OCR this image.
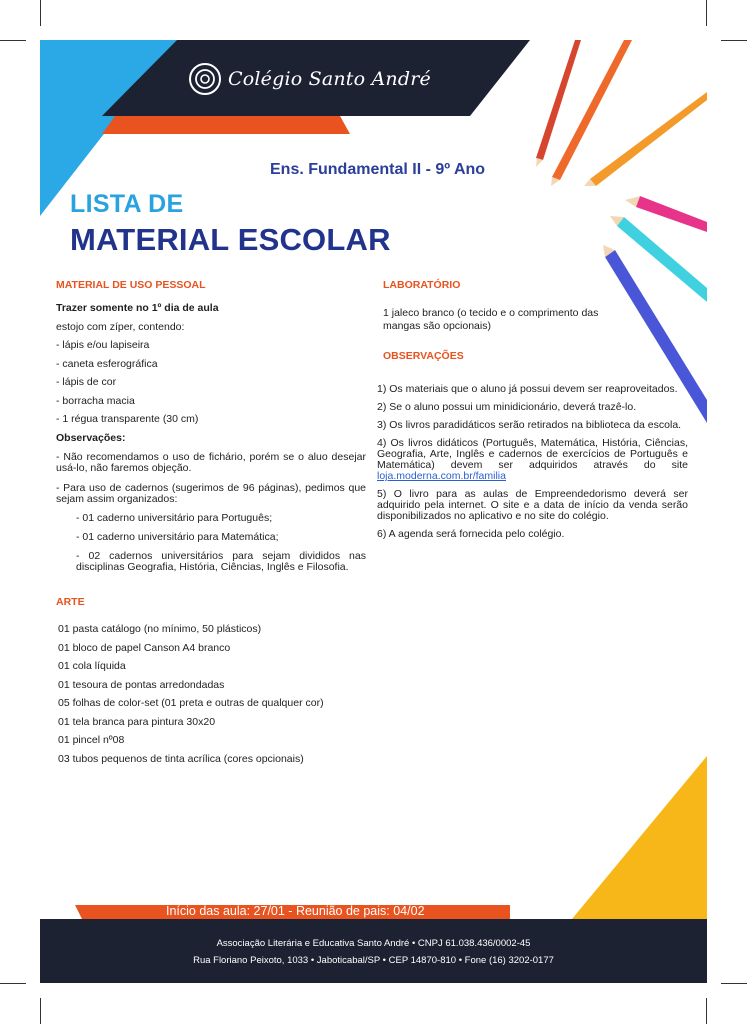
Colégio Santo André
Ens. Fundamental II - 9º Ano
LISTA DE
MATERIAL ESCOLAR
MATERIAL DE USO PESSOAL
Trazer somente no 1º dia de aula
estojo com zíper, contendo:
- lápis e/ou lapiseira
- caneta esferográfica
- lápis de cor
- borracha macia
- 1 régua transparente (30 cm)
Observações:
- Não recomendamos o uso de fichário, porém se o aluo desejar usá-lo, não faremos objeção.
- Para uso de cadernos (sugerimos de 96 páginas), pedimos que sejam assim organizados:
- 01 caderno universitário para Português;
- 01 caderno universitário para Matemática;
- 02 cadernos universitários para sejam divididos nas disciplinas Geografia, História, Ciências, Inglês e Filosofia.
ARTE
01 pasta catálogo (no mínimo, 50 plásticos)
01 bloco de papel Canson A4 branco
01 cola líquida
01 tesoura de pontas arredondadas
05 folhas de color-set (01 preta e outras de qualquer cor)
01 tela branca para pintura 30x20
01 pincel nº08
03 tubos pequenos de tinta acrílica (cores opcionais)
LABORATÓRIO
1 jaleco branco (o tecido e o comprimento das mangas são opcionais)
OBSERVAÇÕES
1) Os materiais que o aluno já possui devem ser reaproveitados.
2) Se o aluno possui um minidicionário, deverá trazê-lo.
3) Os livros paradidáticos serão retirados na biblioteca da escola.
4) Os livros didáticos (Português, Matemática, História, Ciências, Geografia, Arte, Inglês e cadernos de exercícios de Português e Matemática) devem ser adquiridos através do site loja.moderna.com.br/familia
5) O livro para as aulas de Empreendedorismo deverá ser adquirido pela internet. O site e a data de início da venda serão disponibilizados no aplicativo e no site do colégio.
6) A agenda será fornecida pelo colégio.
Início das aula: 27/01 - Reunião de pais: 04/02
Associação Literária e Educativa Santo André • CNPJ 61.038.436/0002-45
Rua Floriano Peixoto, 1033 • Jaboticabal/SP • CEP 14870-810 • Fone (16) 3202-0177
